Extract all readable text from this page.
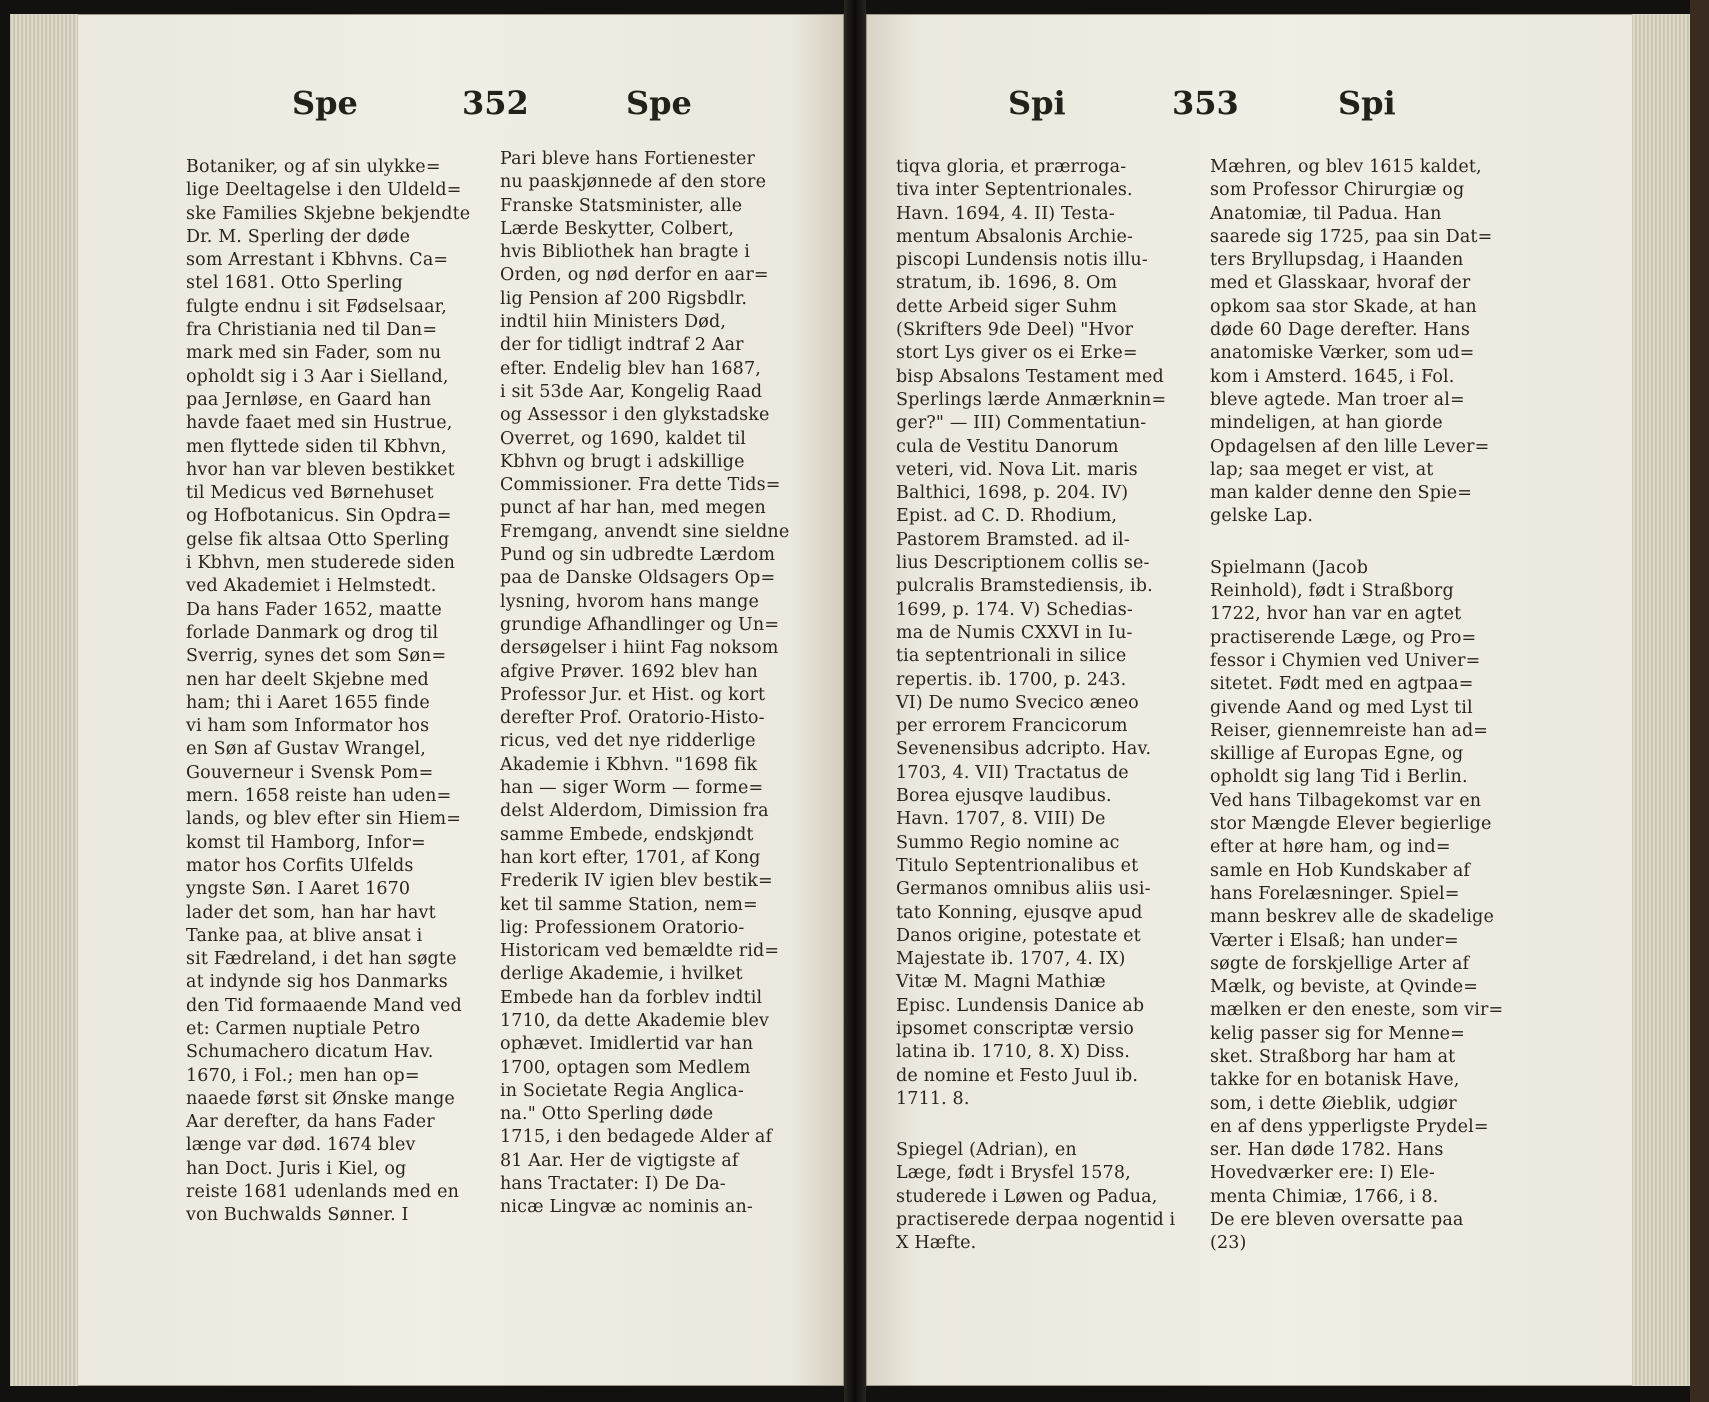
Spe	352	Spe	Spi	353	Spi
Botaniker, og af sin ulykke=
lige Deeltagelse i den Uldeld=
ske Families Skjebne bekjendte
Dr. M. Sperling der døde
som Arrestant i Kbhvns. Ca=
stel 1681. Otto Sperling
fulgte endnu i sit Fødselsaar,
fra Christiania ned til Dan=
mark med sin Fader, som nu
opholdt sig i 3 Aar i Sielland,
paa Jernløse, en Gaard han
havde faaet med sin Hustrue,
men flyttede siden til Kbhvn,
hvor han var bleven bestikket
til Medicus ved Børnehuset
og Hofbotanicus. Sin Opdra=
gelse fik altsaa Otto Sperling
i Kbhvn, men studerede siden
ved Akademiet i Helmstedt.
Da hans Fader 1652, maatte
forlade Danmark og drog til
Sverrig, synes det som Søn=
nen har deelt Skjebne med
ham; thi i Aaret 1655 finde
vi ham som Informator hos
en Søn af Gustav Wrangel,
Gouverneur i Svensk Pom=
mern. 1658 reiste han uden=
lands, og blev efter sin Hiem=
komst til Hamborg, Infor=
mator hos Corfits Ulfelds
yngste Søn. I Aaret 1670
lader det som, han har havt
Tanke paa, at blive ansat i
sit Fædreland, i det han søgte
at indynde sig hos Danmarks
den Tid formaaende Mand ved
et: Carmen nuptiale Petro
Schumachero dicatum Hav.
1670, i Fol.; men han op=
naaede først sit Ønske mange
Aar derefter, da hans Fader
længe var død. 1674 blev
han Doct. Juris i Kiel, og
reiste 1681 udenlands med en
von Buchwalds Sønner. I
Pari bleve hans Fortienester
nu paaskjønnede af den store
Franske Statsminister, alle
Lærde Beskytter, Colbert,
hvis Bibliothek han bragte i
Orden, og nød derfor en aar=
lig Pension af 200 Rigsbdlr.
indtil hiin Ministers Død,
der for tidligt indtraf 2 Aar
efter. Endelig blev han 1687,
i sit 53de Aar, Kongelig Raad
og Assessor i den glykstadske
Overret, og 1690, kaldet til
Kbhvn og brugt i adskillige
Commissioner. Fra dette Tids=
punct af har han, med megen
Fremgang, anvendt sine sieldne
Pund og sin udbredte Lærdom
paa de Danske Oldsagers Op=
lysning, hvorom hans mange
grundige Afhandlinger og Un=
dersøgelser i hiint Fag noksom
afgive Prøver. 1692 blev han
Professor Jur. et Hist. og kort
derefter Prof. Oratorio-Histo-
ricus, ved det nye ridderlige
Akademie i Kbhvn. "1698 fik
han — siger Worm — forme=
delst Alderdom, Dimission fra
samme Embede, endskjøndt
han kort efter, 1701, af Kong
Frederik IV igien blev bestik=
ket til samme Station, nem=
lig: Professionem Oratorio-
Historicam ved bemældte rid=
derlige Akademie, i hvilket
Embede han da forblev indtil
1710, da dette Akademie blev
ophævet. Imidlertid var han
1700, optagen som Medlem
in Societate Regia Anglica-
na." Otto Sperling døde
1715, i den bedagede Alder af
81 Aar. Her de vigtigste af
hans Tractater: I) De Da-
nicæ Lingvæ ac nominis an-
tiqva gloria, et prærroga-
tiva inter Septentrionales.
Havn. 1694, 4. II) Testa-
mentum Absalonis Archie-
piscopi Lundensis notis illu-
stratum, ib. 1696, 8. Om
dette Arbeid siger Suhm
(Skrifters 9de Deel) "Hvor
stort Lys giver os ei Erke=
bisp Absalons Testament med
Sperlings lærde Anmærknin=
ger?" — III) Commentatiun-
cula de Vestitu Danorum
veteri, vid. Nova Lit. maris
Balthici, 1698, p. 204. IV)
Epist. ad C. D. Rhodium,
Pastorem Bramsted. ad il-
lius Descriptionem collis se-
pulcralis Bramstediensis, ib.
1699, p. 174. V) Schedias-
ma de Numis CXXVI in Iu-
tia septentrionali in silice
repertis. ib. 1700, p. 243.
VI) De numo Svecico æneo
per errorem Francicorum
Sevenensibus adcripto. Hav.
1703, 4. VII) Tractatus de
Borea ejusqve laudibus.
Havn. 1707, 8. VIII) De
Summo Regio nomine ac
Titulo Septentrionalibus et
Germanos omnibus aliis usi-
tato Konning, ejusqve apud
Danos origine, potestate et
Majestate ib. 1707, 4. IX)
Vitæ M. Magni Mathiæ
Episc. Lundensis Danice ab
ipsomet conscriptæ versio
latina ib. 1710, 8. X) Diss.
de nomine et Festo Juul ib.
1711. 8.
Spiegel (Adrian), en
Læge, født i Brysfel 1578,
studerede i Løwen og Padua,
practiserede derpaa nogentid i
X Hæfte.
Mæhren, og blev 1615 kaldet,
som Professor Chirurgiæ og
Anatomiæ, til Padua. Han
saarede sig 1725, paa sin Dat=
ters Bryllupsdag, i Haanden
med et Glasskaar, hvoraf der
opkom saa stor Skade, at han
døde 60 Dage derefter. Hans
anatomiske Værker, som ud=
kom i Amsterd. 1645, i Fol.
bleve agtede. Man troer al=
mindeligen, at han giorde
Opdagelsen af den lille Lever=
lap; saa meget er vist, at
man kalder denne den Spie=
gelske Lap.
Spielmann (Jacob
Reinhold), født i Straßborg
1722, hvor han var en agtet
practiserende Læge, og Pro=
fessor i Chymien ved Univer=
sitetet. Født med en agtpaa=
givende Aand og med Lyst til
Reiser, giennemreiste han ad=
skillige af Europas Egne, og
opholdt sig lang Tid i Berlin.
Ved hans Tilbagekomst var en
stor Mængde Elever begierlige
efter at høre ham, og ind=
samle en Hob Kundskaber af
hans Forelæsninger. Spiel=
mann beskrev alle de skadelige
Værter i Elsaß; han under=
søgte de forskjellige Arter af
Mælk, og beviste, at Qvinde=
mælken er den eneste, som vir=
kelig passer sig for Menne=
sket. Straßborg har ham at
takke for en botanisk Have,
som, i dette Øieblik, udgiør
en af dens ypperligste Prydel=
ser. Han døde 1782. Hans
Hovedværker ere: I) Ele-
menta Chimiæ, 1766, i 8.
De ere bleven oversatte paa
(23)
